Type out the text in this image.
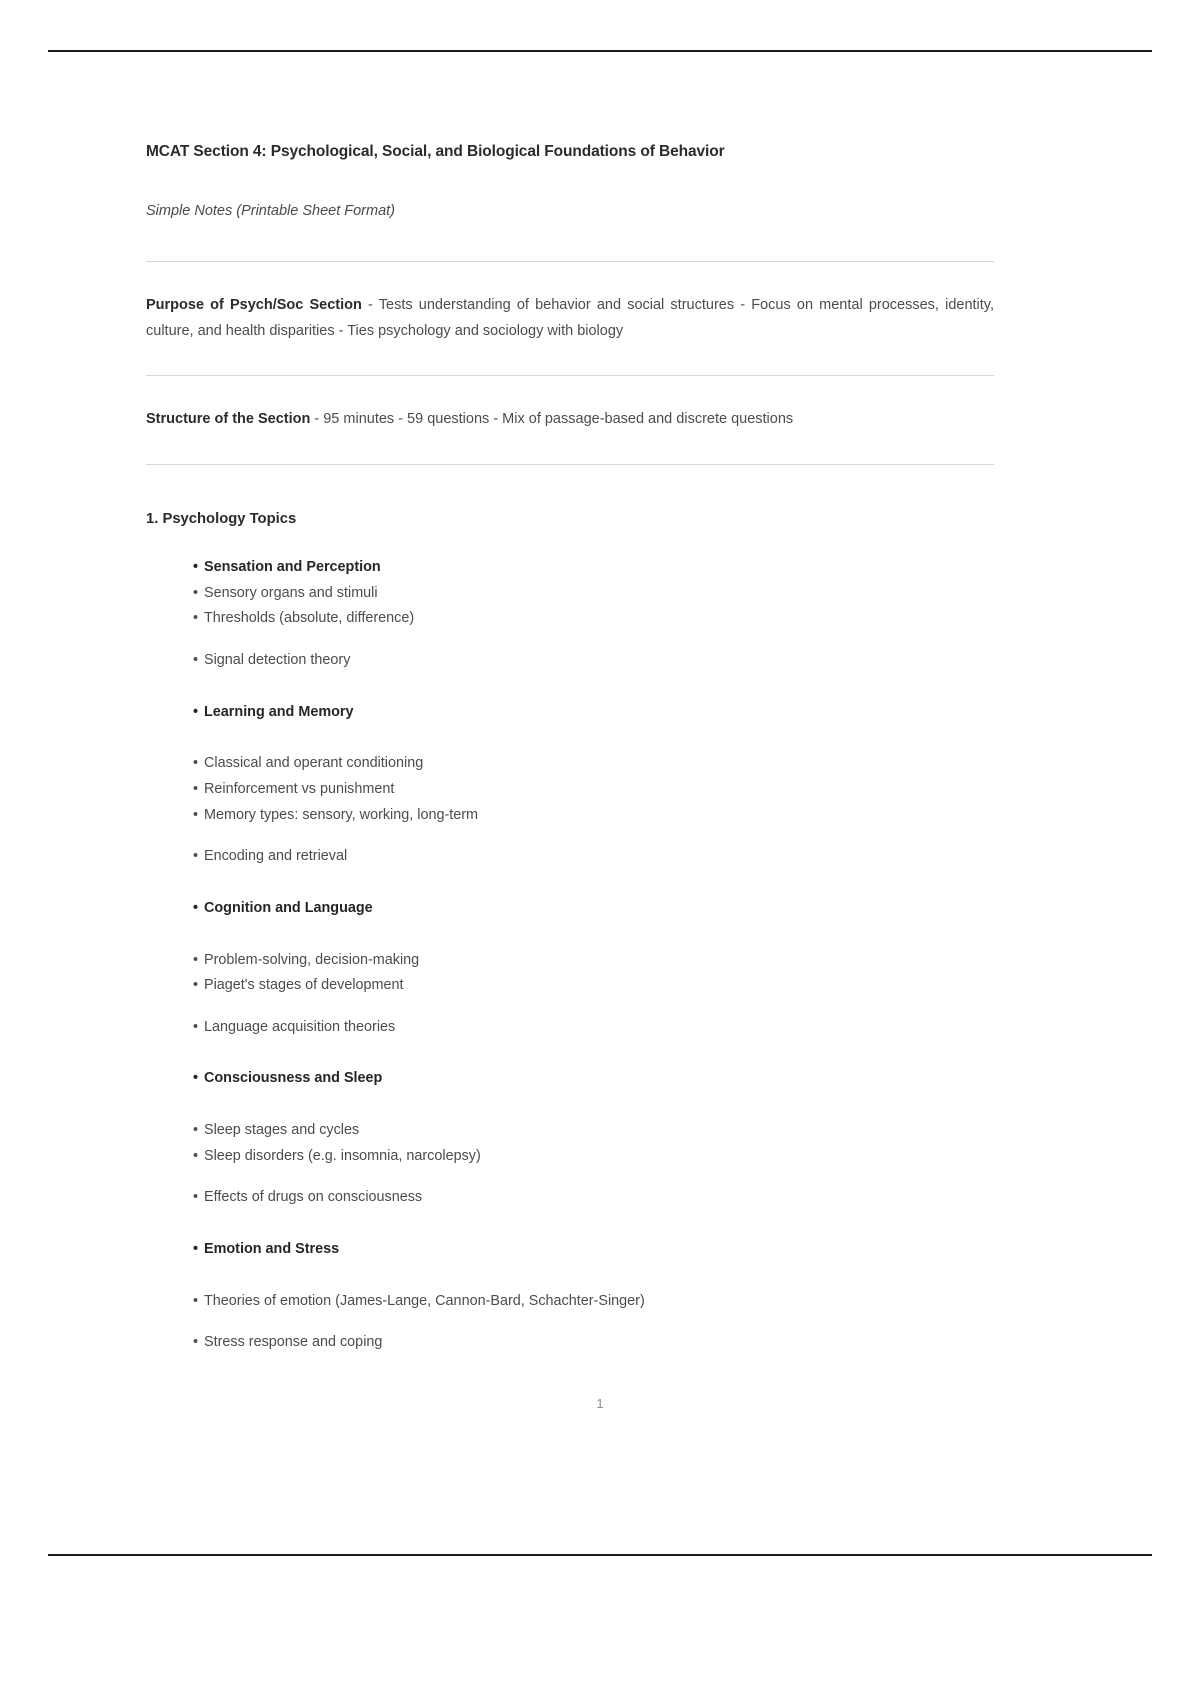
MCAT Section 4: Psychological, Social, and Biological Foundations of Behavior

Simple Notes (Printable Sheet Format)

Purpose of Psych/Soc Section - Tests understanding of behavior and social structures - Focus on mental processes, identity, culture, and health disparities - Ties psychology and sociology with biology

Structure of the Section - 95 minutes - 59 questions - Mix of passage-based and discrete questions

1. Psychology Topics
• Sensation and Perception
• Sensory organs and stimuli
• Thresholds (absolute, difference)
• Signal detection theory
• Learning and Memory
• Classical and operant conditioning
• Reinforcement vs punishment
• Memory types: sensory, working, long-term
• Encoding and retrieval
• Cognition and Language
• Problem-solving, decision-making
• Piaget's stages of development
• Language acquisition theories
• Consciousness and Sleep
• Sleep stages and cycles
• Sleep disorders (e.g. insomnia, narcolepsy)
• Effects of drugs on consciousness
• Emotion and Stress
• Theories of emotion (James-Lange, Cannon-Bard, Schachter-Singer)
• Stress response and coping
1
